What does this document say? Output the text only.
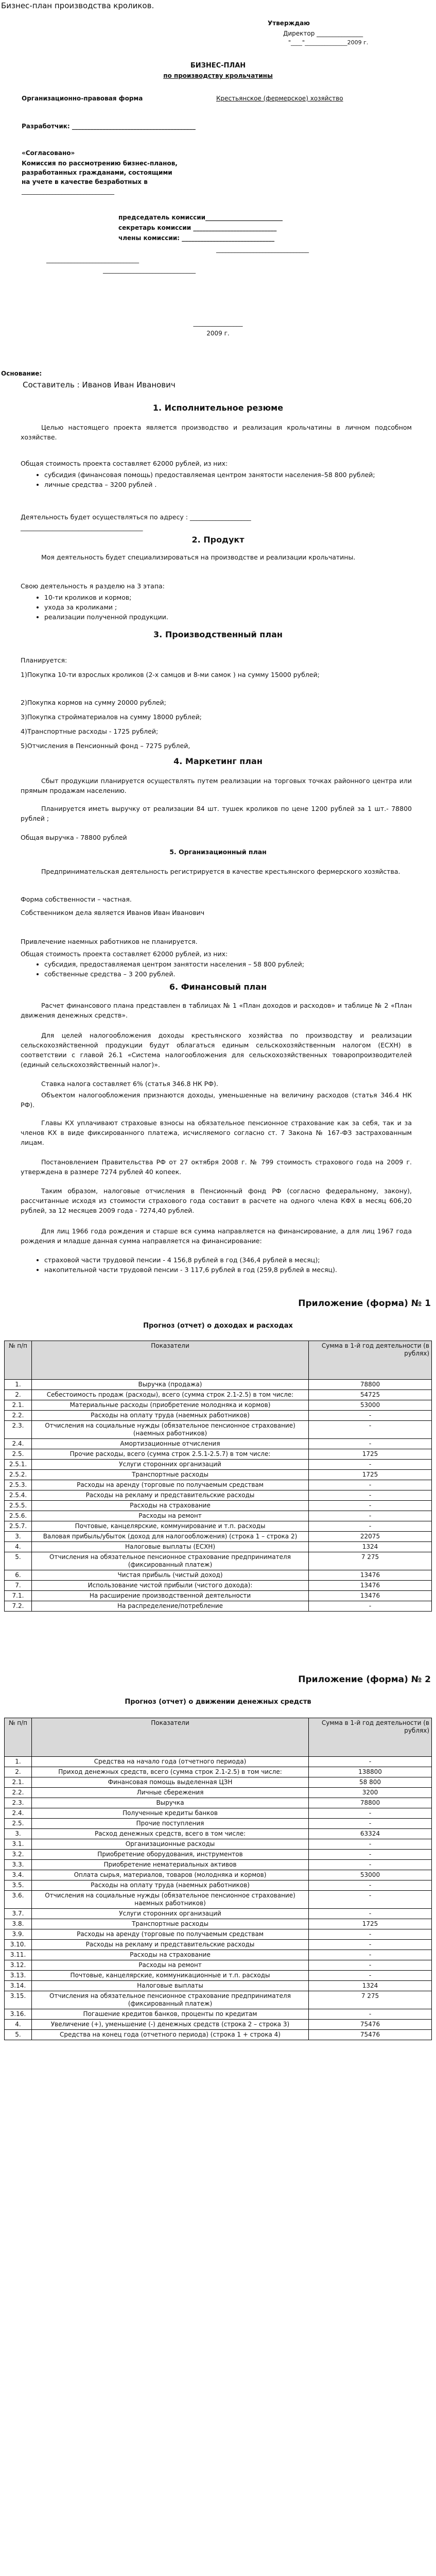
Бизнес-план производства кроликов.
Утверждаю
Директор _______________
"____"_______________2009 г.
БИЗНЕС-ПЛАН
по производству крольчатины
Организационно-правовая форма	Крестьянское (фермерское) хозяйство
Разработчик: ________________________________________
«Согласовано»
Комиссия по рассмотрению бизнес-планов,
разработанных гражданами, состоящими
на учете в качестве безработных в
______________________________
председатель комиссии_________________________
секретарь комиссии ___________________________
члены комиссии: ______________________________
______________________________
______________________________
______________________________
________________
2009 г.
Основание:
Составитель : Иванов Иван Иванович
1. Исполнительное резюме
Целью настоящего проекта является производство и реализация крольчатины в личном подсобном хозяйстве.
Общая стоимость проекта составляет 62000 рублей, из них:
• субсидия (финансовая помощь) предоставляемая центром занятости населения–58 800 рублей;
• личные средства – 3200 рублей .
Деятельность будет осуществляться по адресу : ___________________
______________________________________
2. Продукт
Моя деятельность будет специализироваться на производстве и реализации крольчатины.
Свою деятельность я разделю на 3 этапа:
• 10-ти кроликов и кормов;
• ухода за кроликами ;
• реализации полученной продукции.
3. Производственный план
Планируется:
1)Покупка 10-ти взрослых кроликов (2-х самцов и 8-ми самок ) на сумму 15000 рублей;
2)Покупка кормов на сумму 20000 рублей;
3)Покупка стройматериалов на сумму 18000 рублей;
4)Транспортные расходы - 1725 рублей;
5)Отчисления в Пенсионный фонд – 7275 рублей,
4. Маркетинг план
Сбыт продукции планируется осуществлять путем реализации на торговых точках районного центра или прямым продажам населению.
Планируется иметь выручку от реализации 84 шт. тушек кроликов по цене 1200 рублей за 1 шт.- 78800 рублей ;
Общая выручка - 78800 рублей
5. Организационный план
Предпринимательская деятельность регистрируется в качестве крестьянского фермерского хозяйства.
Форма собственности – частная.
Собственником дела является Иванов Иван Иванович
Привлечение наемных работников не планируется.
Общая стоимость проекта составляет 62000 рублей, из них:
• субсидия, предоставляемая центром занятости населения – 58 800 рублей;
• собственные средства – 3 200 рублей.
6. Финансовый план
Расчет финансового плана представлен в таблицах № 1 «План доходов и расходов» и таблице № 2 «План движения денежных средств».
Для целей налогообложения доходы крестьянского хозяйства по производству и реализации сельскохозяйственной продукции будут облагаться единым сельскохозяйственным налогом (ЕСХН) в соответствии с главой 26.1 «Система налогообложения для сельскохозяйственных товаропроизводителей (единый сельскохозяйственный налог)».
Ставка налога составляет 6% (статья 346.8 НК РФ).
Объектом налогообложения признаются доходы, уменьшенные на величину расходов (статья 346.4 НК РФ).
Главы КХ уплачивают страховые взносы на обязательное пенсионное страхование как за себя, так и за членов КХ в виде фиксированного платежа, исчисляемого согласно ст. 7 Закона № 167-ФЗ застрахованным лицам.
Постановлением Правительства РФ от 27 октября 2008 г. № 799 стоимость страхового года на 2009 г. утверждена в размере 7274 рублей 40 копеек.
Таким образом, налоговые отчисления в Пенсионный фонд РФ (согласно федеральному, закону), рассчитанные исходя из стоимости страхового года составит в расчете на одного члена КФХ в месяц 606,20 рублей, за 12 месяцев 2009 года - 7274,40 рублей.
Для лиц 1966 года рождения и старше вся сумма направляется на финансирование, а для лиц 1967 года рождения и младше данная сумма направляется на финансирование:
• страховой части трудовой пенсии - 4 156,8 рублей в год (346,4 рублей в месяц);
• накопительной части трудовой пенсии - 3 117,6 рублей в год (259,8 рублей в месяц).
Приложение (форма) № 1
Прогноз (отчет) о доходах и расходах
№ п/п	Показатели	Сумма в 1-й год деятельности (в рублях)
1.	Выручка (продажа)	78800
2.	Себестоимость продаж (расходы), всего (сумма строк 2.1-2.5) в том числе:	54725
2.1.	Материальные расходы (приобретение молодняка и кормов)	53000
2.2.	Расходы на оплату труда (наемных работников)	-
2.3.	Отчисления на социальные нужды (обязательное пенсионное страхование) (наемных работников)	-
2.4.	Амортизационные отчисления	-
2.5.	Прочие расходы, всего (сумма строк 2.5.1-2.5.7) в том числе:	1725
2.5.1.	Услуги сторонних организаций	-
2.5.2.	Транспортные расходы	1725
2.5.3.	Расходы на аренду (торговые по получаемым средствам	-
2.5.4.	Расходы на рекламу и представительские расходы	-
2.5.5.	Расходы на страхование	-
2.5.6.	Расходы на ремонт	-
2.5.7.	Почтовые, канцелярские, коммунирование и т.п. расходы	-
3.	Валовая прибыль/убыток (доход для налогообложения) (строка 1 – строка 2)	22075
4.	Налоговые выплаты (ЕСХН)	1324
5.	Отчисления на обязательное пенсионное страхование предпринимателя (фиксированный платеж)	7 275
6.	Чистая прибыль (чистый доход)	13476
7.	Использование чистой прибыли (чистого дохода):	13476
7.1.	На расширение производственной деятельности	13476
7.2.	На распределение/потребление	-
Приложение (форма) № 2
Прогноз (отчет) о движении денежных средств
№ п/п	Показатели	Сумма в 1-й год деятельности (в рублях)
1.	Средства на начало года (отчетного периода)	-
2.	Приход денежных средств, всего (сумма строк 2.1-2.5) в том числе:	138800
2.1.	Финансовая помощь выделенная ЦЗН	58 800
2.2.	Личные сбережения	3200
2.3.	Выручка	78800
2.4.	Полученные кредиты банков	-
2.5.	Прочие поступления	-
3.	Расход денежных средств, всего в том числе:	63324
3.1.	Организационные расходы	-
3.2.	Приобретение оборудования, инструментов	-
3.3.	Приобретение нематериальных активов	-
3.4.	Оплата сырья, материалов, товаров (молодняка и кормов)	53000
3.5.	Расходы на оплату труда (наемных работников)	-
3.6.	Отчисления на социальные нужды (обязательное пенсионное страхование) наемных работников)	-
3.7.	Услуги сторонних организаций	-
3.8.	Транспортные расходы	1725
3.9.	Расходы на аренду (торговые по получаемым средствам	-
3.10.	Расходы на рекламу и представительские расходы	-
3.11.	Расходы на страхование	-
3.12.	Расходы на ремонт	-
3.13.	Почтовые, канцелярские, коммуникационные и т.п. расходы	-
3.14.	Налоговые выплаты	1324
3.15.	Отчисления на обязательное пенсионное страхование предпринимателя (фиксированный платеж)	7 275
3.16.	Погашение кредитов банков, проценты по кредитам	-
4.	Увеличение (+), уменьшение (-) денежных средств (строка 2 – строка 3)	75476
5.	Средства на конец года (отчетного периода) (строка 1 + строка 4)	75476
